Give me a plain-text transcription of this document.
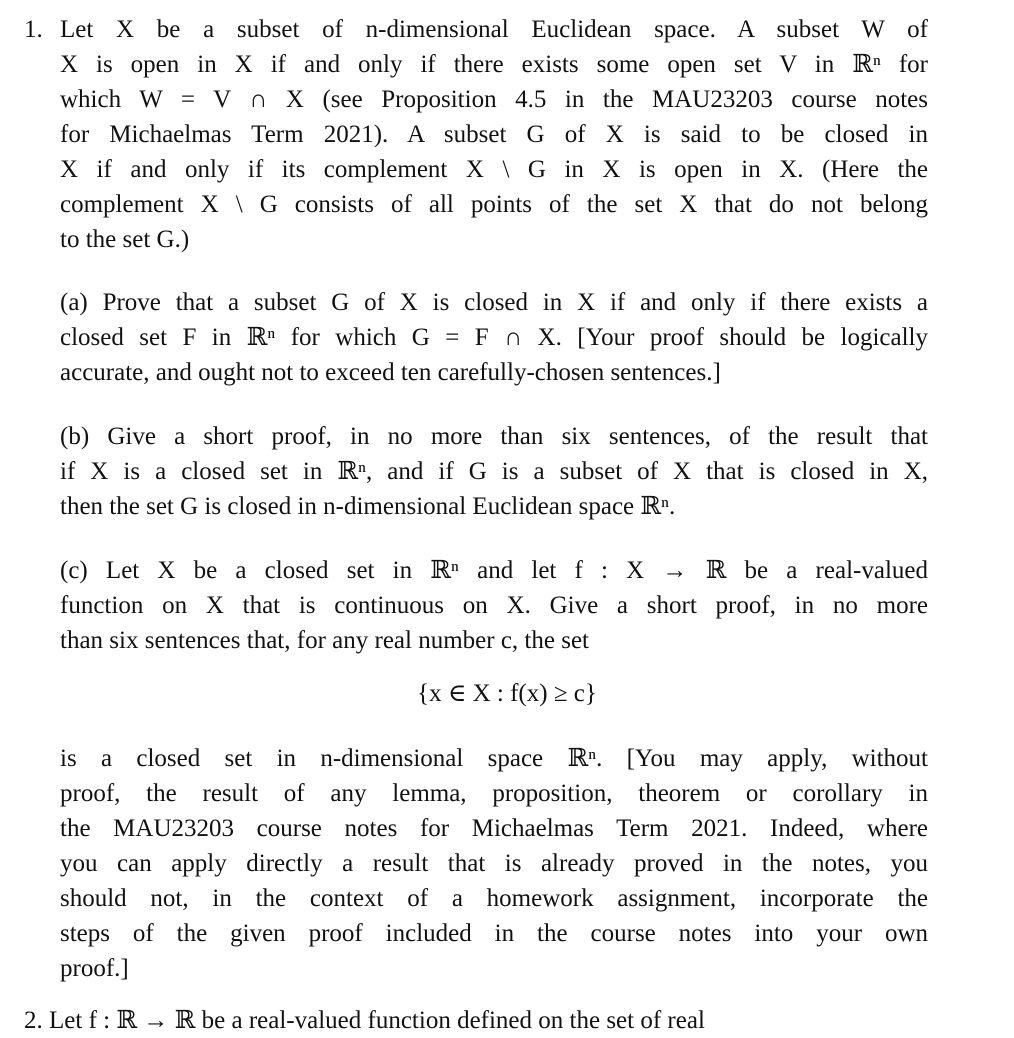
1. Let X be a subset of n-dimensional Euclidean space. A subset W of

X is open in X if and only if there exists some open set V in ℝⁿ for

which W = V ∩ X (see Proposition 4.5 in the MAU23203 course notes

for Michaelmas Term 2021). A subset G of X is said to be closed in

X if and only if its complement X \ G in X is open in X. (Here the

complement X \ G consists of all points of the set X that do not belong

to the set G.)

(a) Prove that a subset G of X is closed in X if and only if there exists a

closed set F in ℝⁿ for which G = F ∩ X. [Your proof should be logically

accurate, and ought not to exceed ten carefully-chosen sentences.]

(b) Give a short proof, in no more than six sentences, of the result that

if X is a closed set in ℝⁿ, and if G is a subset of X that is closed in X,

then the set G is closed in n-dimensional Euclidean space ℝⁿ.

(c) Let X be a closed set in ℝⁿ and let f : X → ℝ be a real-valued

function on X that is continuous on X. Give a short proof, in no more

than six sentences that, for any real number c, the set

{x ∈ X : f(x) ≥ c}

is a closed set in n-dimensional space ℝⁿ. [You may apply, without

proof, the result of any lemma, proposition, theorem or corollary in

the MAU23203 course notes for Michaelmas Term 2021. Indeed, where

you can apply directly a result that is already proved in the notes, you

should not, in the context of a homework assignment, incorporate the

steps of the given proof included in the course notes into your own

proof.]

2. Let f : ℝ → ℝ be a real-valued function defined on the set of real
